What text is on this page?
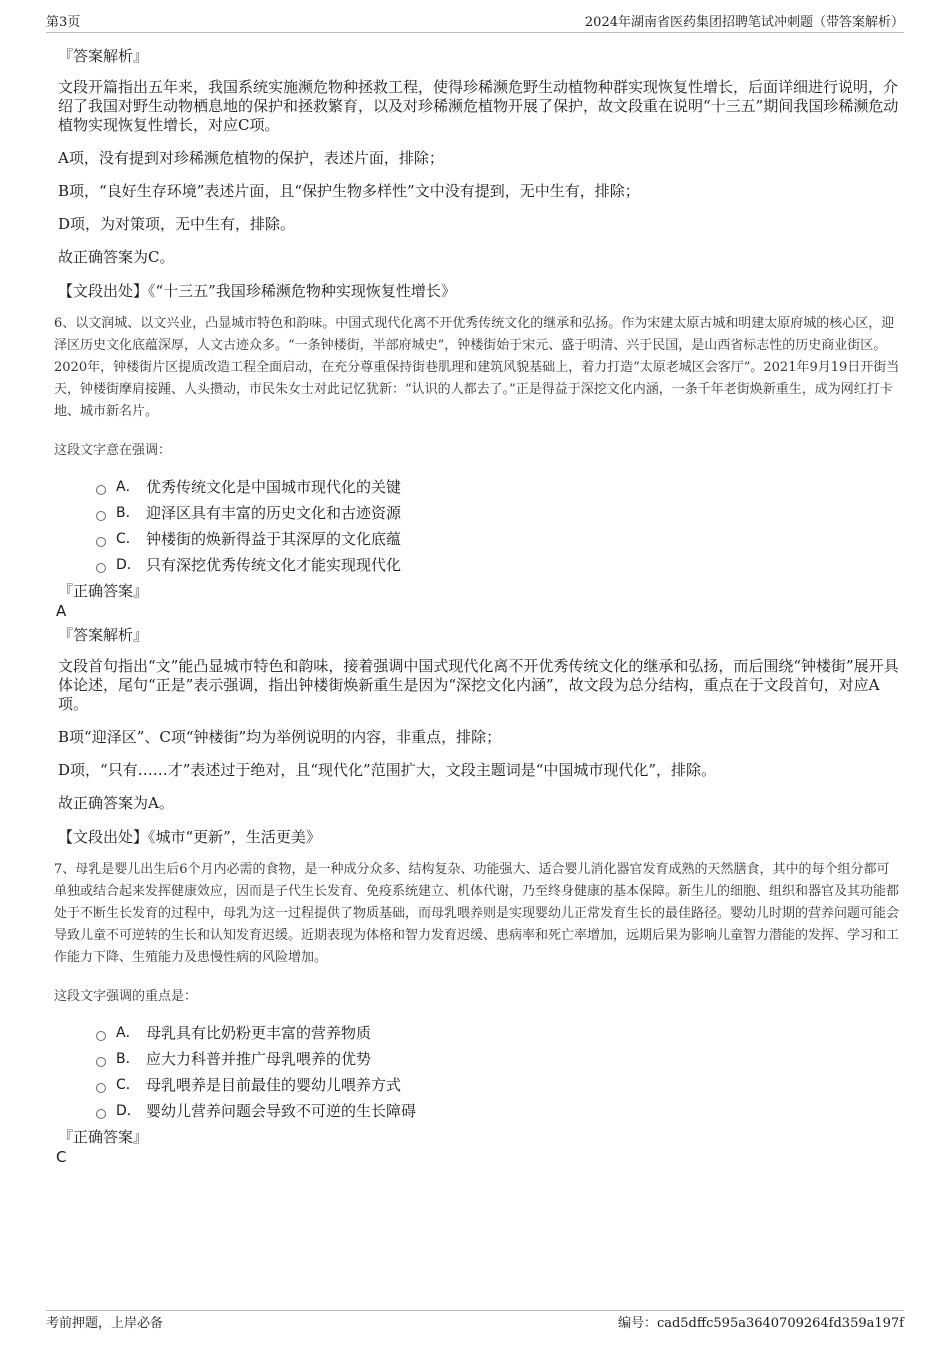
第3页	2024年湖南省医药集团招聘笔试冲刺题（带答案解析）
『答案解析』

文段开篇指出五年来，我国系统实施濒危物种拯救工程，使得珍稀濒危野生动植物种群实现恢复性增长，后面详细进行说明，介绍了我国对野生动物栖息地的保护和拯救繁育，以及对珍稀濒危植物开展了保护，故文段重在说明“十三五”期间我国珍稀濒危动植物实现恢复性增长，对应C项。

A项，没有提到对珍稀濒危植物的保护，表述片面，排除；

B项，“良好生存环境”表述片面，且“保护生物多样性”文中没有提到，无中生有，排除；

D项，为对策项，无中生有，排除。

故正确答案为C。

【文段出处】《“十三五”我国珍稀濒危物种实现恢复性增长》
6、以文润城、以文兴业，凸显城市特色和韵味。中国式现代化离不开优秀传统文化的继承和弘扬。作为宋建太原古城和明建太原府城的核心区，迎泽区历史文化底蕴深厚，人文古迹众多。“一条钟楼街，半部府城史”，钟楼街始于宋元、盛于明清、兴于民国，是山西省标志性的历史商业街区。2020年，钟楼街片区提质改造工程全面启动，在充分尊重保持街巷肌理和建筑风貌基础上，着力打造“太原老城区会客厅”。2021年9月19日开街当天，钟楼街摩肩接踵、人头攒动，市民朱女士对此记忆犹新：“认识的人都去了。”正是得益于深挖文化内涵，一条千年老街焕新重生，成为网红打卡地、城市新名片。
这段文字意在强调：
A． 优秀传统文化是中国城市现代化的关键
B． 迎泽区具有丰富的历史文化和古迹资源
C． 钟楼街的焕新得益于其深厚的文化底蕴
D． 只有深挖优秀传统文化才能实现现代化
『正确答案』
A
『答案解析』

文段首句指出“文”能凸显城市特色和韵味，接着强调中国式现代化离不开优秀传统文化的继承和弘扬，而后围绕“钟楼街”展开具体论述，尾句“正是”表示强调，指出钟楼街焕新重生是因为“深挖文化内涵”，故文段为总分结构，重点在于文段首句，对应A项。

B项“迎泽区”、C项“钟楼街”均为举例说明的内容，非重点，排除；

D项，“只有……才”表述过于绝对，且“现代化”范围扩大，文段主题词是“中国城市现代化”，排除。

故正确答案为A。

【文段出处】《城市“更新”，生活更美》
7、母乳是婴儿出生后6个月内必需的食物，是一种成分众多、结构复杂、功能强大、适合婴儿消化器官发育成熟的天然膳食，其中的每个组分都可单独或结合起来发挥健康效应，因而是子代生长发育、免疫系统建立、机体代谢，乃至终身健康的基本保障。新生儿的细胞、组织和器官及其功能都处于不断生长发育的过程中，母乳为这一过程提供了物质基础，而母乳喂养则是实现婴幼儿正常发育生长的最佳路径。婴幼儿时期的营养问题可能会导致儿童不可逆转的生长和认知发育迟缓。近期表现为体格和智力发育迟缓、患病率和死亡率增加，远期后果为影响儿童智力潜能的发挥、学习和工作能力下降、生殖能力及患慢性病的风险增加。
这段文字强调的重点是：
A． 母乳具有比奶粉更丰富的营养物质
B． 应大力科普并推广母乳喂养的优势
C． 母乳喂养是目前最佳的婴幼儿喂养方式
D． 婴幼儿营养问题会导致不可逆的生长障碍
『正确答案』
C
考前押题，上岸必备	编号：cad5dffc595a3640709264fd359a197f
